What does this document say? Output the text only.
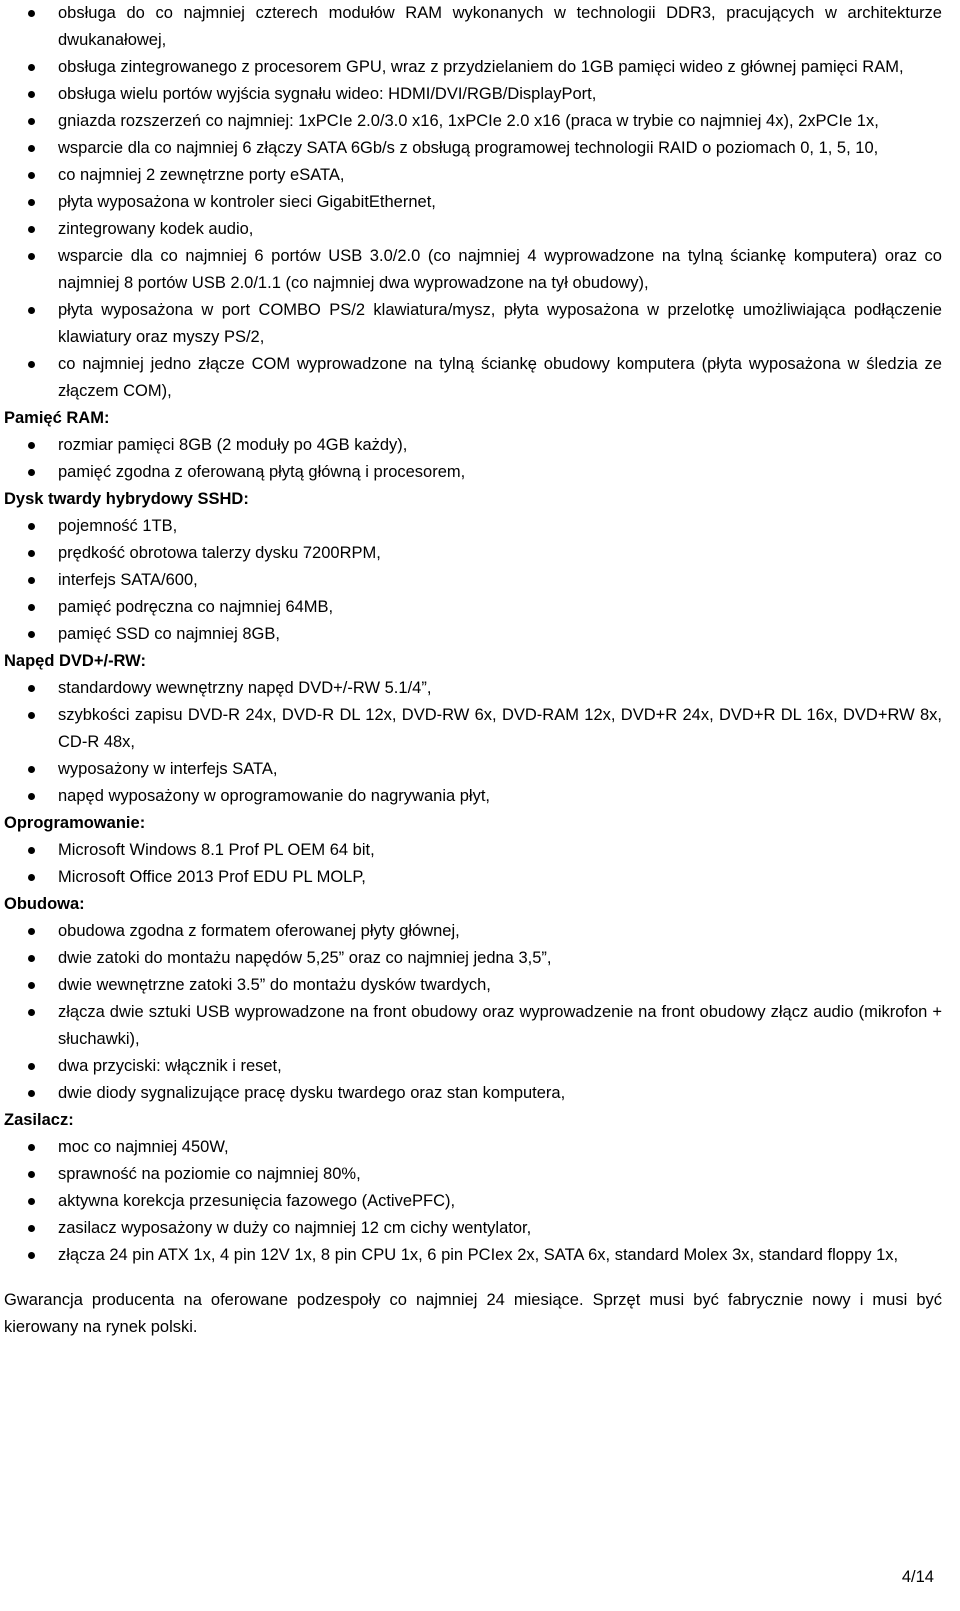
obsługa do co najmniej czterech modułów RAM wykonanych w technologii DDR3, pracujących w architekturze dwukanałowej,
obsługa zintegrowanego z procesorem GPU, wraz z przydzielaniem do 1GB pamięci wideo z głównej pamięci RAM,
obsługa wielu portów wyjścia sygnału wideo: HDMI/DVI/RGB/DisplayPort,
gniazda rozszerzeń co najmniej: 1xPCIe 2.0/3.0 x16, 1xPCIe 2.0 x16 (praca w trybie co najmniej 4x), 2xPCIe 1x,
wsparcie dla co najmniej 6 złączy SATA 6Gb/s z obsługą programowej technologii RAID o poziomach 0, 1, 5, 10,
co najmniej 2 zewnętrzne porty eSATA,
płyta wyposażona w kontroler sieci GigabitEthernet,
zintegrowany kodek audio,
wsparcie dla co najmniej 6 portów USB 3.0/2.0 (co najmniej 4 wyprowadzone na tylną ściankę komputera) oraz co najmniej 8 portów USB 2.0/1.1 (co najmniej dwa wyprowadzone na tył obudowy),
płyta wyposażona w port COMBO PS/2 klawiatura/mysz, płyta wyposażona w przelotkę umożliwiająca podłączenie klawiatury oraz myszy PS/2,
co najmniej jedno złącze COM wyprowadzone na tylną ściankę obudowy komputera (płyta wyposażona w śledzia ze złączem COM),
Pamięć RAM:
rozmiar pamięci 8GB (2 moduły po 4GB każdy),
pamięć zgodna z oferowaną płytą główną i procesorem,
Dysk twardy hybrydowy SSHD:
pojemność 1TB,
prędkość obrotowa talerzy dysku 7200RPM,
interfejs SATA/600,
pamięć podręczna co najmniej 64MB,
pamięć SSD co najmniej 8GB,
Napęd DVD+/-RW:
standardowy wewnętrzny napęd DVD+/-RW 5.1/4”,
szybkości zapisu DVD-R 24x, DVD-R DL 12x, DVD-RW 6x, DVD-RAM 12x, DVD+R 24x, DVD+R DL 16x, DVD+RW 8x, CD-R 48x,
wyposażony w interfejs SATA,
napęd wyposażony w oprogramowanie do nagrywania płyt,
Oprogramowanie:
Microsoft Windows 8.1 Prof PL OEM 64 bit,
Microsoft Office 2013 Prof EDU PL MOLP,
Obudowa:
obudowa zgodna z formatem oferowanej płyty głównej,
dwie zatoki do montażu napędów 5,25” oraz co najmniej jedna 3,5”,
dwie wewnętrzne zatoki 3.5” do montażu dysków twardych,
złącza dwie sztuki USB wyprowadzone na front obudowy oraz wyprowadzenie na front obudowy złącz audio (mikrofon + słuchawki),
dwa przyciski: włącznik i reset,
dwie diody sygnalizujące pracę dysku twardego oraz stan komputera,
Zasilacz:
moc co najmniej 450W,
sprawność na poziomie co najmniej 80%,
aktywna korekcja przesunięcia fazowego (ActivePFC),
zasilacz wyposażony w duży co najmniej 12 cm cichy wentylator,
złącza 24 pin ATX 1x, 4 pin 12V 1x, 8 pin CPU 1x, 6 pin PCIex 2x, SATA 6x, standard Molex 3x, standard floppy 1x,
Gwarancja producenta na oferowane podzespoły co najmniej 24 miesiące. Sprzęt musi być fabrycznie nowy i musi być kierowany na rynek polski.
4/14
